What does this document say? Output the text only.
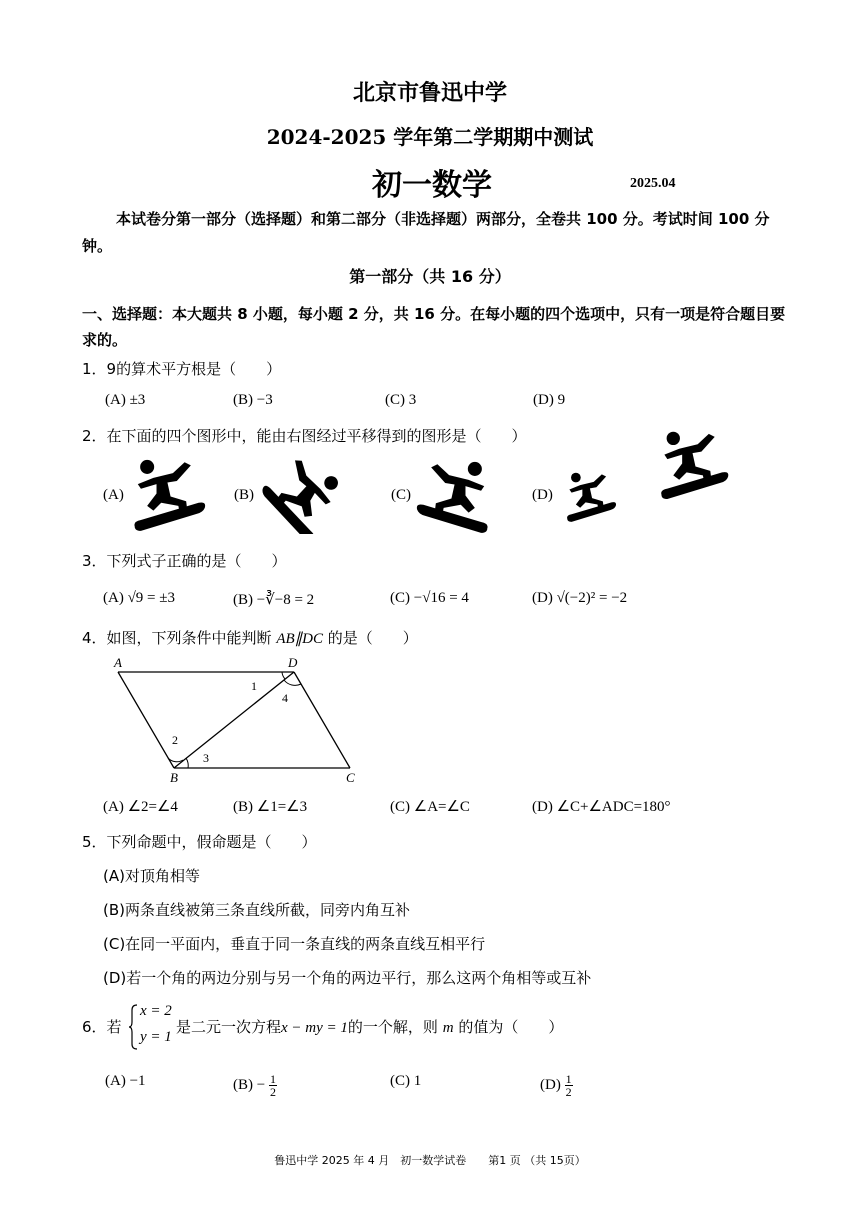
北京市鲁迅中学
2024-2025 学年第二学期期中测试
初一数学	2025.04
本试卷分第一部分（选择题）和第二部分（非选择题）两部分，全卷共 100 分。考试时间 100 分钟。
第一部分（共 16 分）
一、选择题：本大题共 8 小题，每小题 2 分，共 16 分。在每小题的四个选项中，只有一项是符合题目要求的。
1．9的算术平方根是（　　）
(A) ±3	(B) −3	(C) 3	(D) 9
2．在下面的四个图形中，能由右图经过平移得到的图形是（　　）
(A)	(B)	(C)	(D)
3．下列式子正确的是（　　）
(A) √9 = ±3	(B) −∛−8 = 2	(C) −√16 = 4	(D) √(−2)² = −2
4．如图，下列条件中能判断 AB∥DC 的是（　　）
A	D
B	C
1
2
3
4
(A) ∠2=∠4	(B) ∠1=∠3	(C) ∠A=∠C	(D) ∠C+∠ADC=180°
5．下列命题中，假命题是（　　）
(A)对顶角相等
(B)两条直线被第三条直线所截，同旁内角互补
(C)在同一平面内，垂直于同一条直线的两条直线互相平行
(D)若一个角的两边分别与另一个角的两边平行，那么这两个角相等或互补
6．若
x = 2
y = 1
是二元一次方程x − my = 1的一个解，则 m 的值为（　　）
(A) −1	$(B) - \frac{1}{2}$	(C) 1	$(D) \frac{1}{2}$
鲁迅中学 2025 年 4 月　初一数学试卷　　第1 页 （共 15页）
